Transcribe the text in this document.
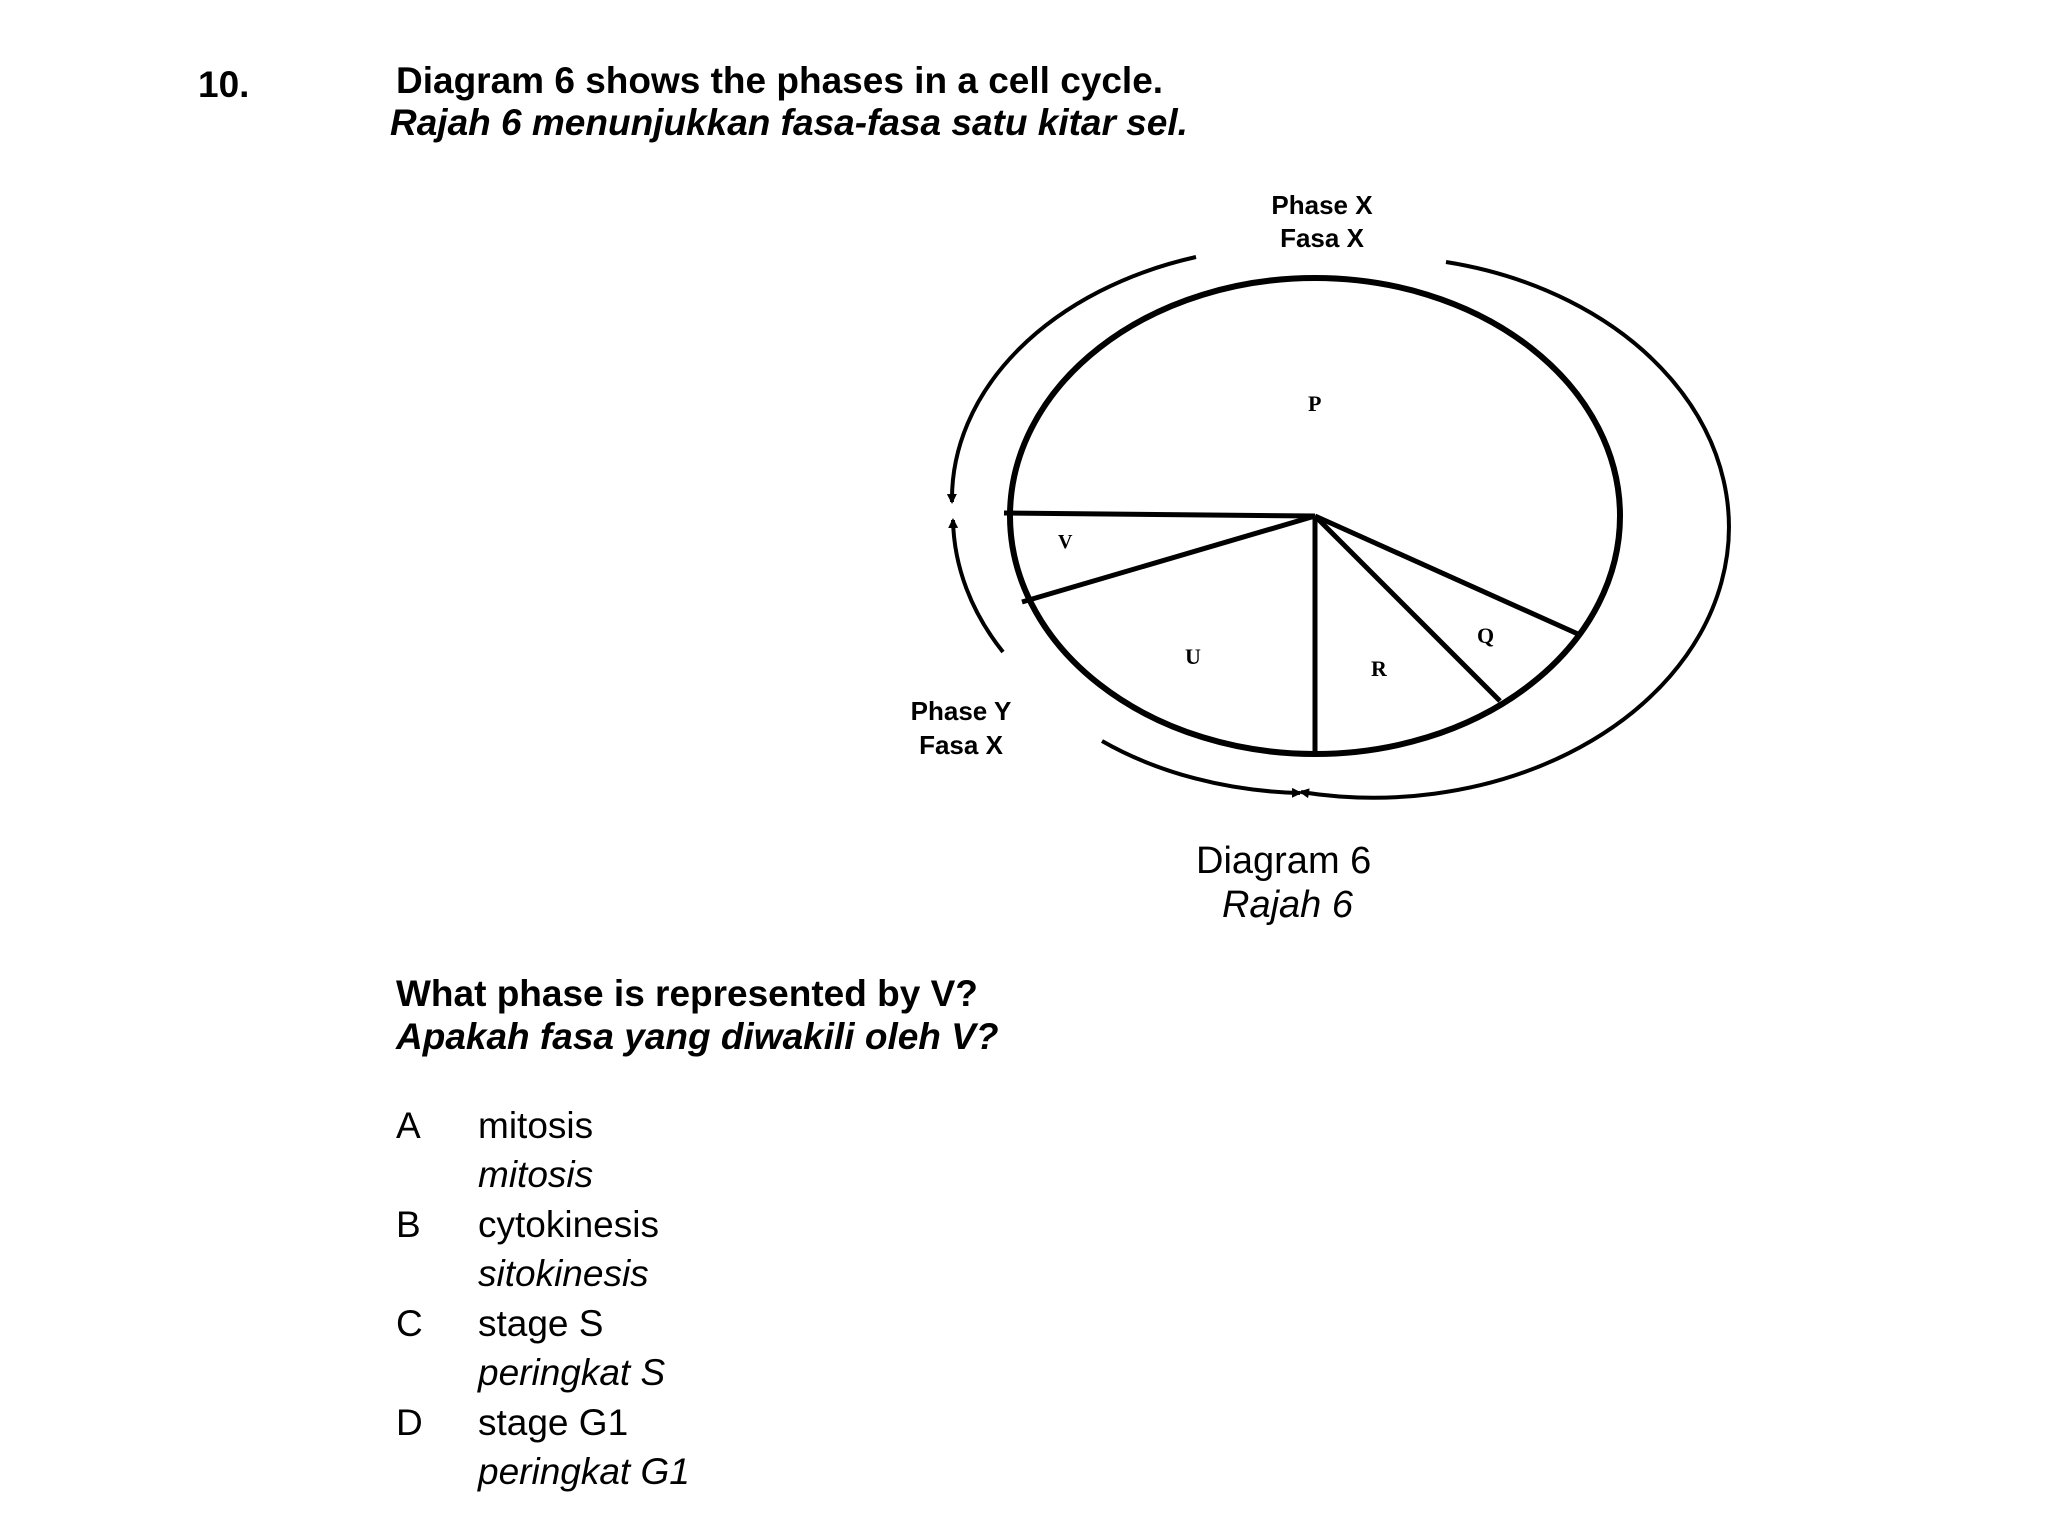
10.	Diagram 6 shows the phases in a cell cycle.
Rajah 6 menunjukkan fasa-fasa satu kitar sel.
P
V
U	R
Q
Phase X
Fasa X
Phase Y
Fasa X
Diagram 6
Rajah 6
What phase is represented by V?
Apakah fasa yang diwakili oleh V?
A mitosis
mitosis
B cytokinesis
sitokinesis
C stage S
peringkat S
D stage G1
peringkat G1
